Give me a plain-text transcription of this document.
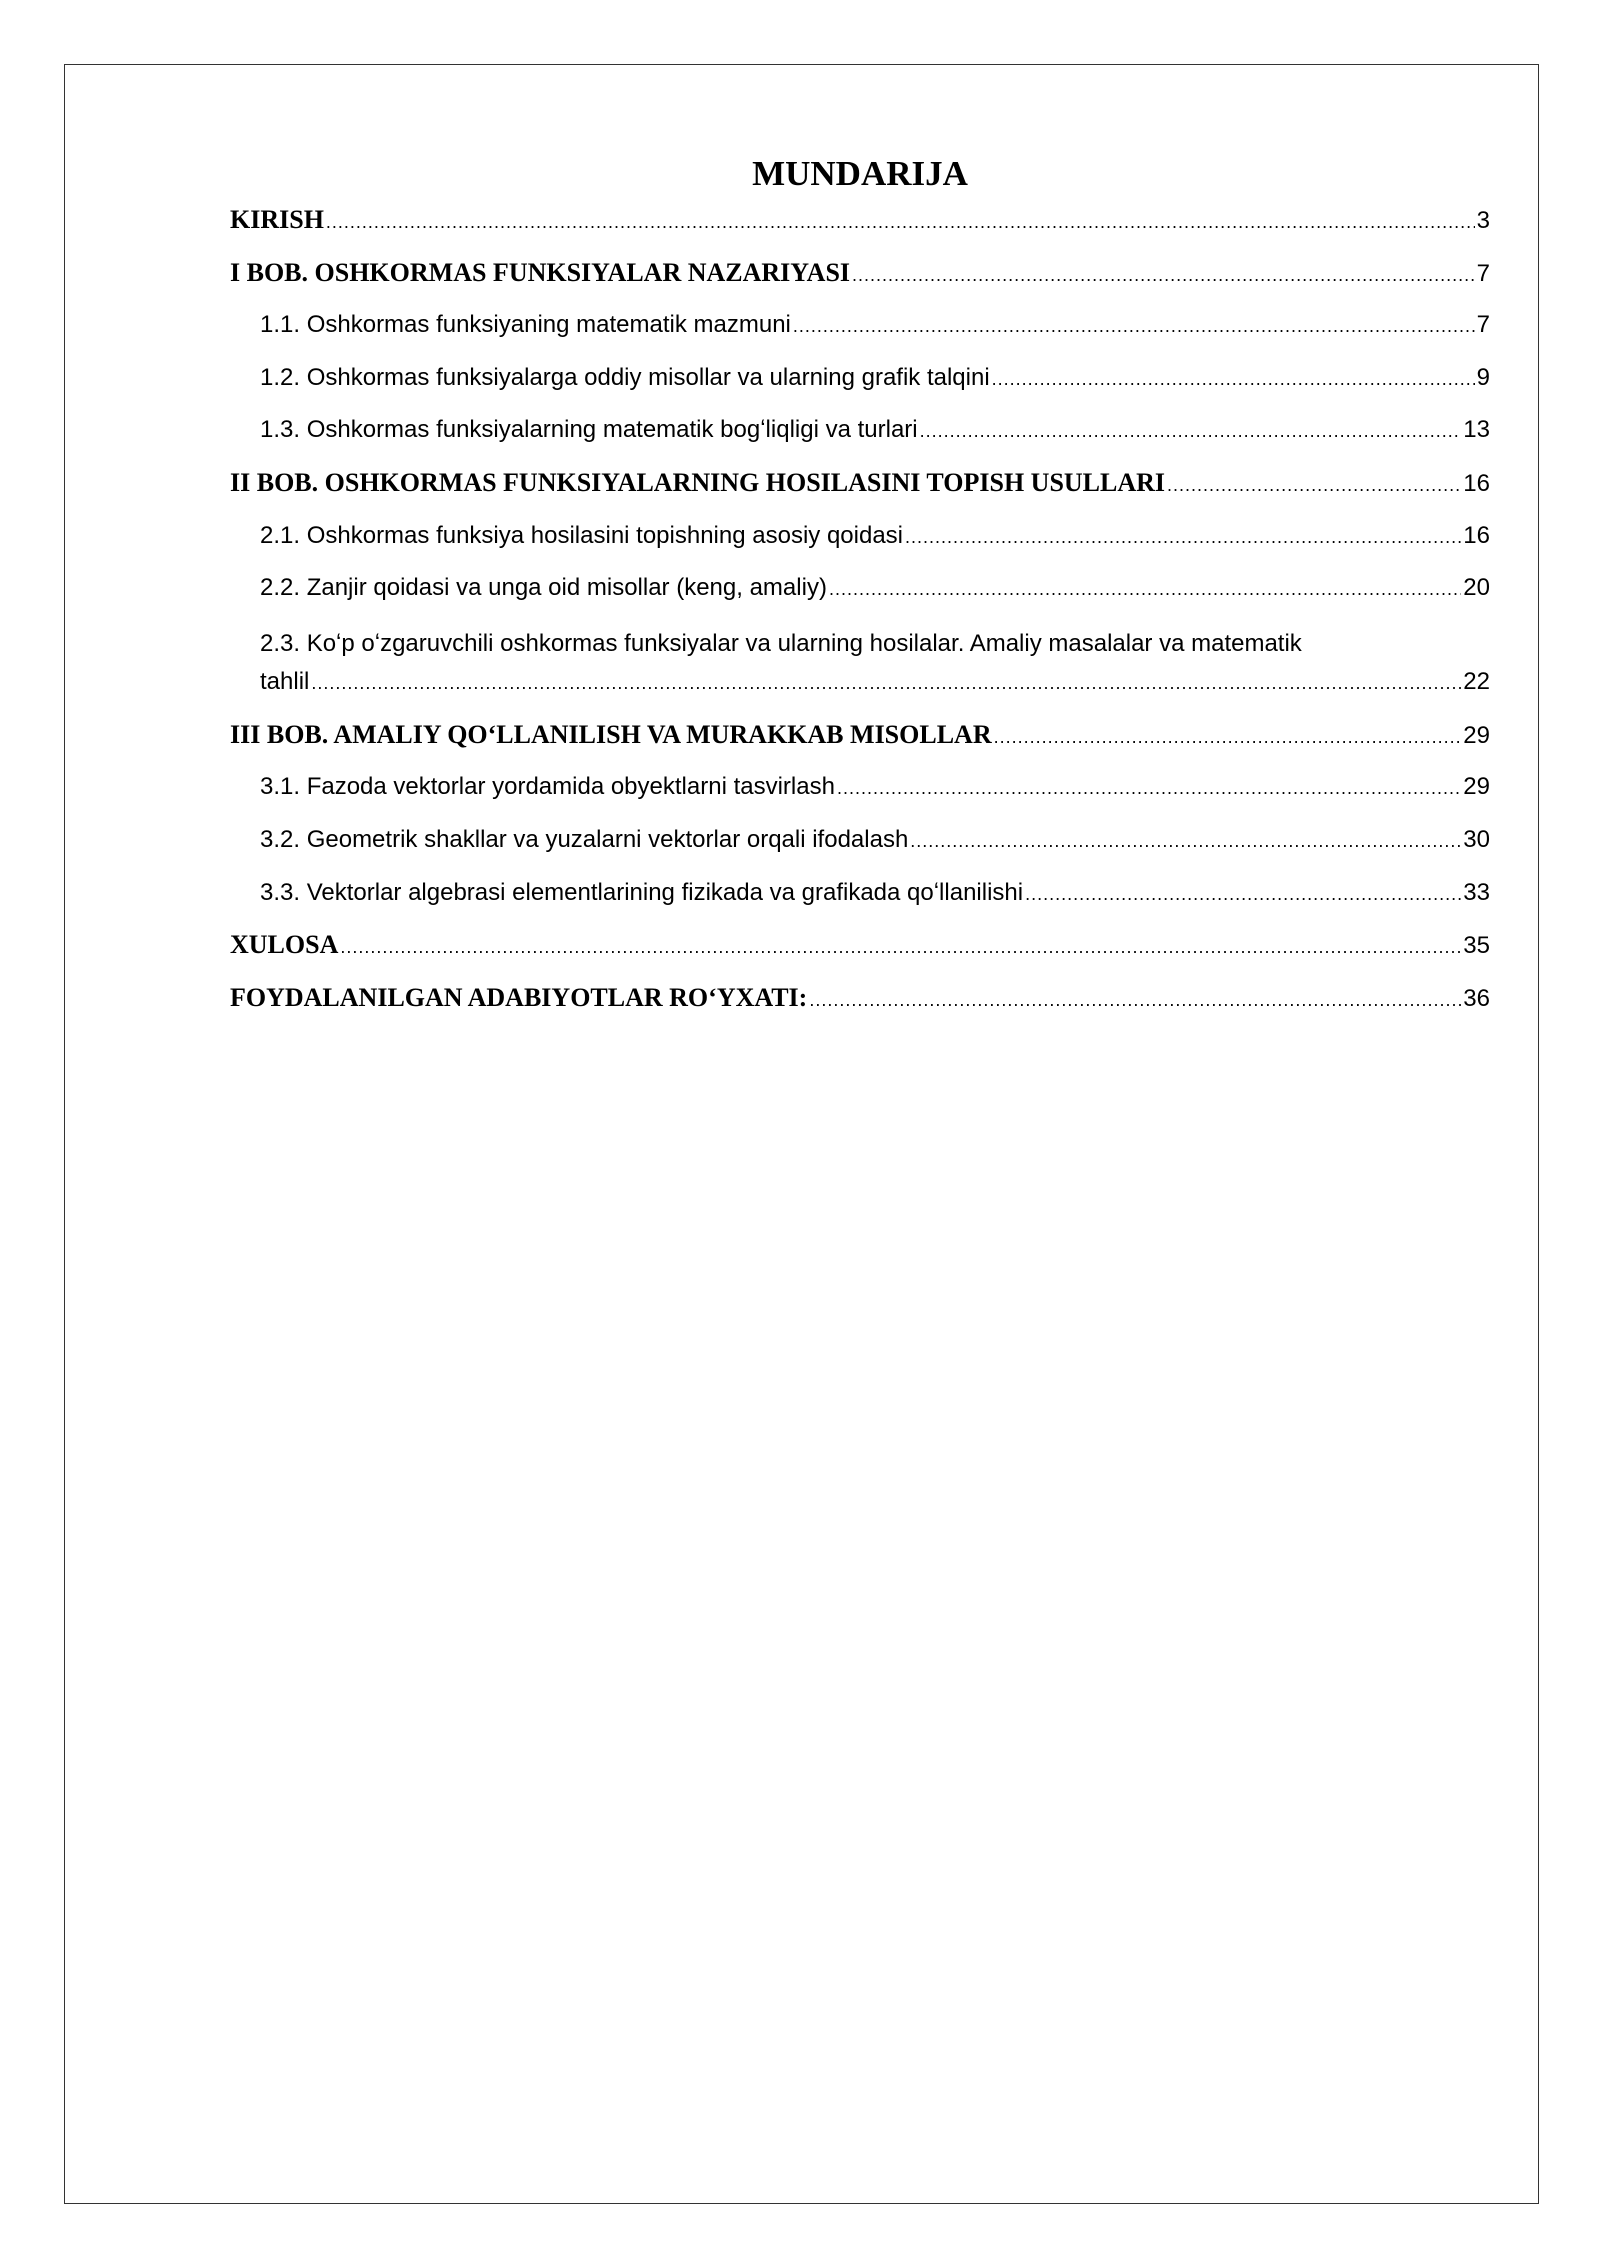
MUNDARIJA
KIRISH .....	3
I BOB. OSHKORMAS FUNKSIYALAR NAZARIYASI .....	7
1.1. Oshkormas funksiyaning matematik mazmuni .....	7
1.2. Oshkormas funksiyalarga oddiy misollar va ularning grafik talqini .....	9
1.3. Oshkormas funksiyalarning matematik bogʻliqligi va turlari .....	13
II BOB. OSHKORMAS FUNKSIYALARNING HOSILASINI TOPISH USULLARI .....	16
2.1. Oshkormas funksiya hosilasini topishning asosiy qoidasi .....	16
2.2. Zanjir qoidasi va unga oid misollar (keng, amaliy) .....	20
2.3. Koʻp oʻzgaruvchili oshkormas funksiyalar va ularning hosilalar. Amaliy masalalar va matematik
tahlil .....	22
III BOB. AMALIY QOʻLLANILISH VA MURAKKAB MISOLLAR .....	29
3.1. Fazoda vektorlar yordamida obyektlarni tasvirlash .....	29
3.2. Geometrik shakllar va yuzalarni vektorlar orqali ifodalash .....	30
3.3. Vektorlar algebrasi elementlarining fizikada va grafikada qoʻllanilishi .....	33
XULOSA .....	35
FOYDALANILGAN ADABIYOTLAR ROʻYXATI: .....	36
